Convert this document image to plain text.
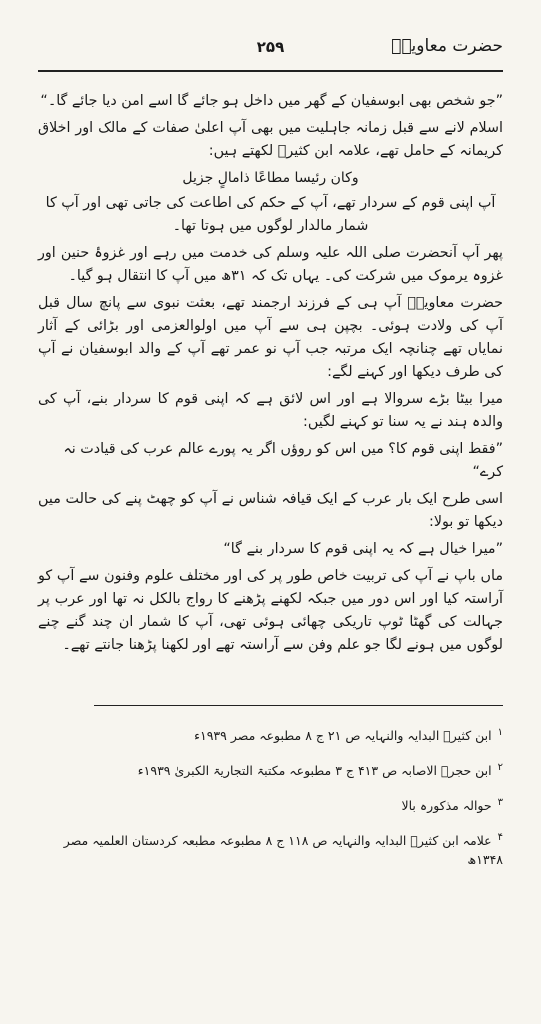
حضرت معاویہؓ
۲۵۹

”جو شخص بھی ابوسفیان کے گھر میں داخل ہو جائے گا اسے امن دیا جائے گا۔“

اسلام لانے سے قبل زمانہ جاہلیت میں بھی آپ اعلیٰ صفات کے مالک اور اخلاق کریمانہ کے حامل تھے، علامہ ابن کثیرؒ لکھتے ہیں:

وکان رئیسا مطاعًا ذامالٍ جزیل

آپ اپنی قوم کے سردار تھے، آپ کے حکم کی اطاعت کی جاتی تھی اور آپ کا شمار مالدار لوگوں میں ہوتا تھا۔

پھر آپ آنحضرت صلی اللہ علیہ وسلم کی خدمت میں رہے اور غزوۂ حنین اور غزوہ یرموک میں شرکت کی۔ یہاں تک کہ ۳۱ھ میں آپ کا انتقال ہو گیا۔

حضرت معاویہؓ آپ ہی کے فرزند ارجمند تھے، بعثت نبوی سے پانچ سال قبل آپ کی ولادت ہوئی۔ بچپن ہی سے آپ میں اولوالعزمی اور بڑائی کے آثار نمایاں تھے چنانچہ ایک مرتبہ جب آپ نو عمر تھے آپ کے والد ابوسفیان نے آپ کی طرف دیکھا اور کہنے لگے:

میرا بیٹا بڑے سروالا ہے اور اس لائق ہے کہ اپنی قوم کا سردار بنے، آپ کی والدہ ہند نے یہ سنا تو کہنے لگیں:

”فقط اپنی قوم کا؟ میں اس کو روؤں اگر یہ پورے عالم عرب کی قیادت نہ کرے“

اسی طرح ایک بار عرب کے ایک قیافہ شناس نے آپ کو چھٹ پنے کی حالت میں دیکھا تو بولا:

”میرا خیال ہے کہ یہ اپنی قوم کا سردار بنے گا“

ماں باپ نے آپ کی تربیت خاص طور پر کی اور مختلف علوم وفنون سے آپ کو آراستہ کیا اور اس دور میں جبکہ لکھنے پڑھنے کا رواج بالکل نہ تھا اور عرب پر جہالت کی گھٹا ٹوپ تاریکی چھائی ہوئی تھی، آپ کا شمار ان چند گنے چنے لوگوں میں ہونے لگا جو علم وفن سے آراستہ تھے اور لکھنا پڑھنا جانتے تھے۔

$^۱$ابن کثیرؒ البدایہ والنہایہ ص ۲۱ ج ۸ مطبوعہ مصر ۱۹۳۹ء

$^۲$ابن حجرؒ الاصابہ ص ۴۱۳ ج ۳ مطبوعہ مکتبۃ التجاریۃ الکبریٰ ۱۹۳۹ء

$^۳$حوالہ مذکورہ بالا

$^۴$علامہ ابن کثیرؒ البدایہ والنہایہ ص ۱۱۸ ج ۸ مطبوعہ مطبعہ کردستان العلمیہ مصر ۱۳۴۸ھ
